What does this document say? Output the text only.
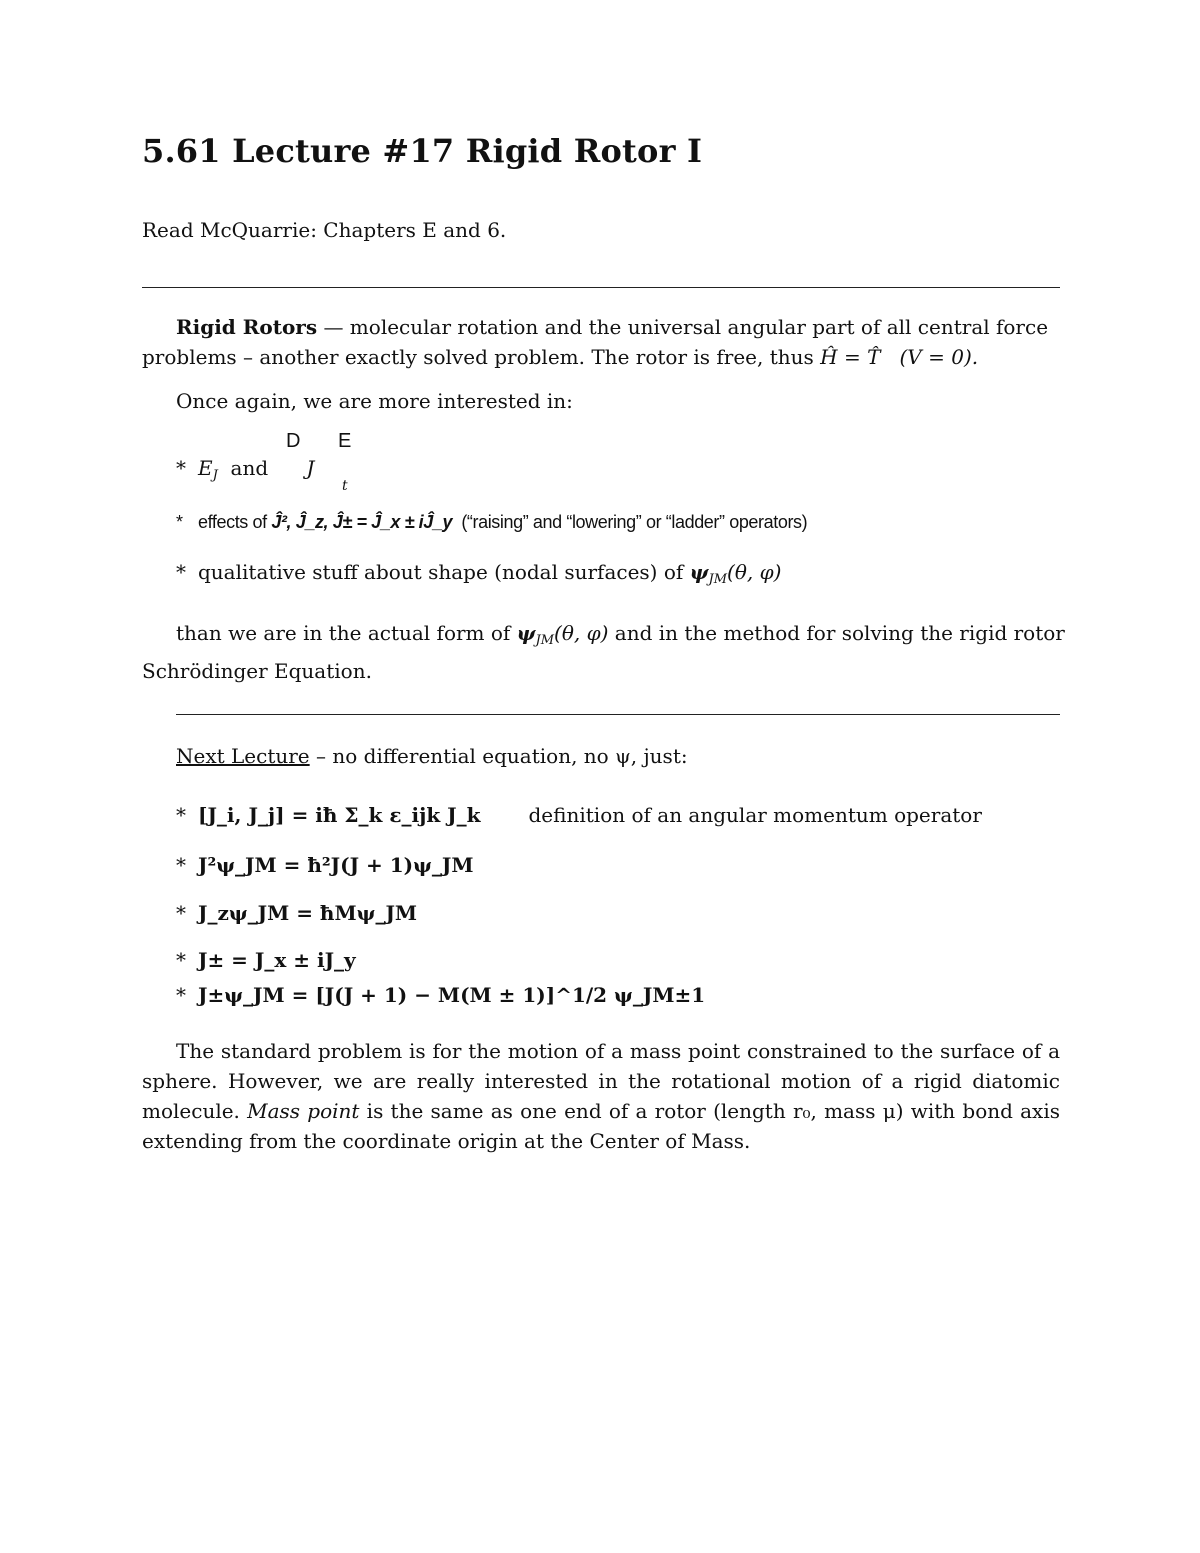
5.61 Lecture #17 Rigid Rotor I
Read McQuarrie: Chapters E and 6.
Rigid Rotors — molecular rotation and the universal angular part of all central force
problems – another exactly solved problem. The rotor is free, thus Ĥ = T̂ (V = 0).
Once again, we are more interested in:
D E
t
* $E_J$ and J
* effects of Ĵ², Ĵ_z, Ĵ± = Ĵ_x ± iĴ_y (“raising” and “lowering” or “ladder” operators)
* qualitative stuff about shape (nodal surfaces) of $\psi_{JM}(\theta$, φ)
than we are in the actual form of $\psi_{JM}(\theta$, φ) and in the method for solving the rigid rotor
Schrödinger Equation.
Next Lecture – no differential equation, no ψ, just:
* [J_i, J_j] = iħ Σ_k ε_ijk J_k definition of an angular momentum operator
* J²ψ_JM = ħ²J(J + 1)ψ_JM
* J_zψ_JM = ħMψ_JM
* J± = J_x ± iJ_y
* J±ψ_JM = [J(J + 1) − M(M ± 1)]^1/2 ψ_JM±1
The standard problem is for the motion of a mass point constrained to the surface of a sphere. However, we are really interested in the rotational motion of a rigid diatomic molecule. Mass point is the same as one end of a rotor (length r₀, mass μ) with bond axis extending from the coordinate origin at the Center of Mass.
